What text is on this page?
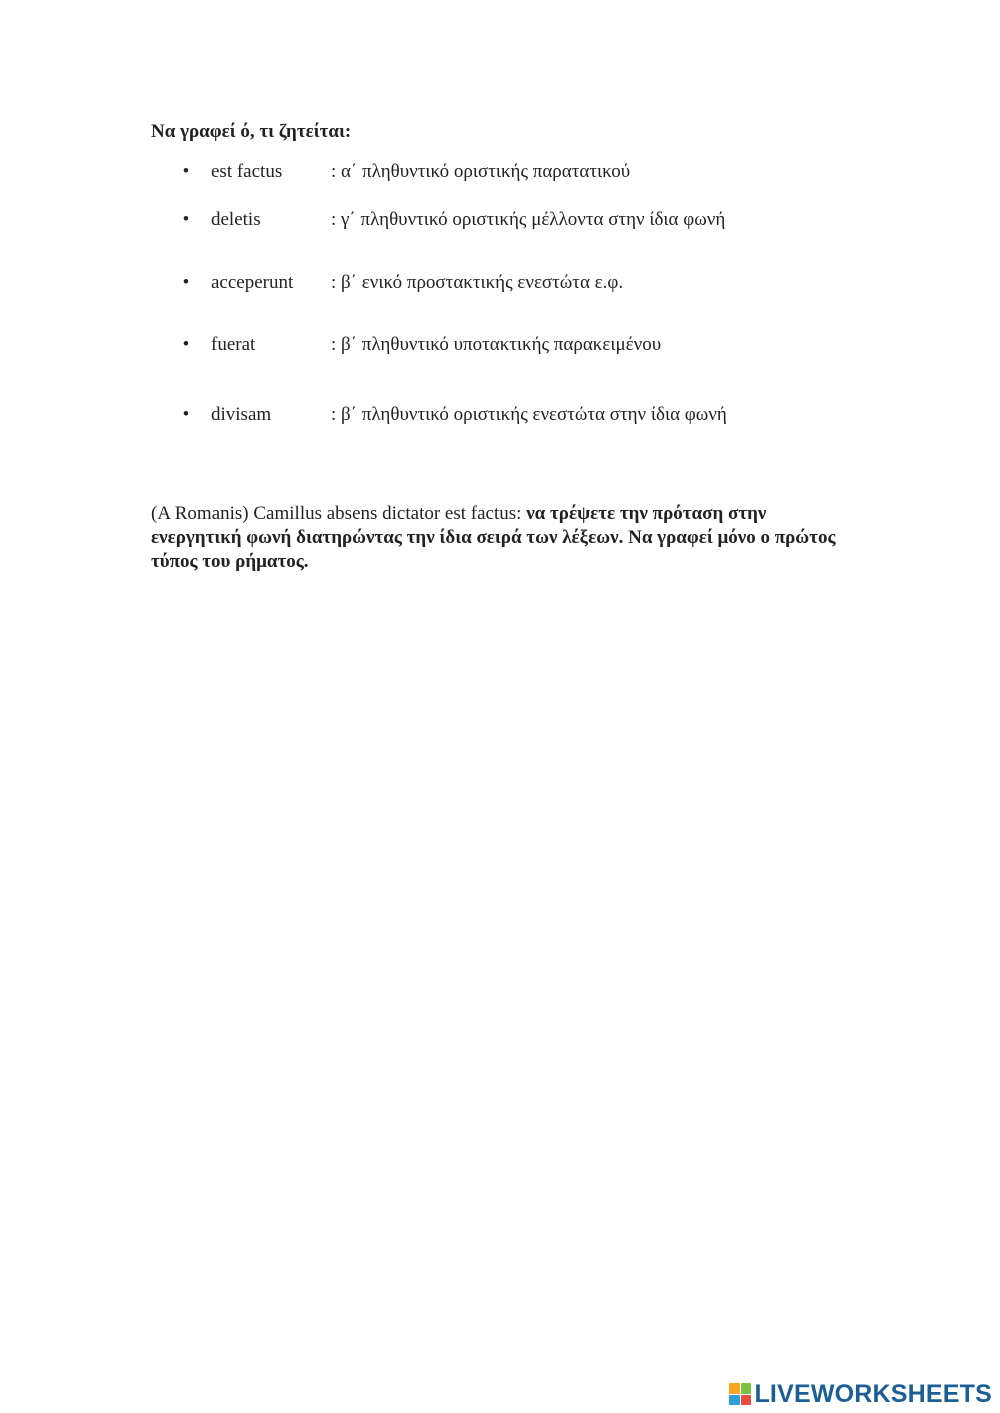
Να γραφεί ό, τι ζητείται:
• est factus	: α΄ πληθυντικό οριστικής παρατατικού
• deletis	: γ΄ πληθυντικό οριστικής μέλλοντα στην ίδια φωνή
• acceperunt : β΄ ενικό προστακτικής ενεστώτα ε.φ.
• fuerat	: β΄ πληθυντικό υποτακτικής παρακειμένου
• divisam	: β΄ πληθυντικό οριστικής ενεστώτα στην ίδια φωνή
(A Romanis) Camillus absens dictator est factus: να τρέψετε την πρόταση στην ενεργητική φωνή διατηρώντας την ίδια σειρά των λέξεων. Να γραφεί μόνο ο πρώτος τύπος του ρήματος.
LIVEWORKSHEETS
